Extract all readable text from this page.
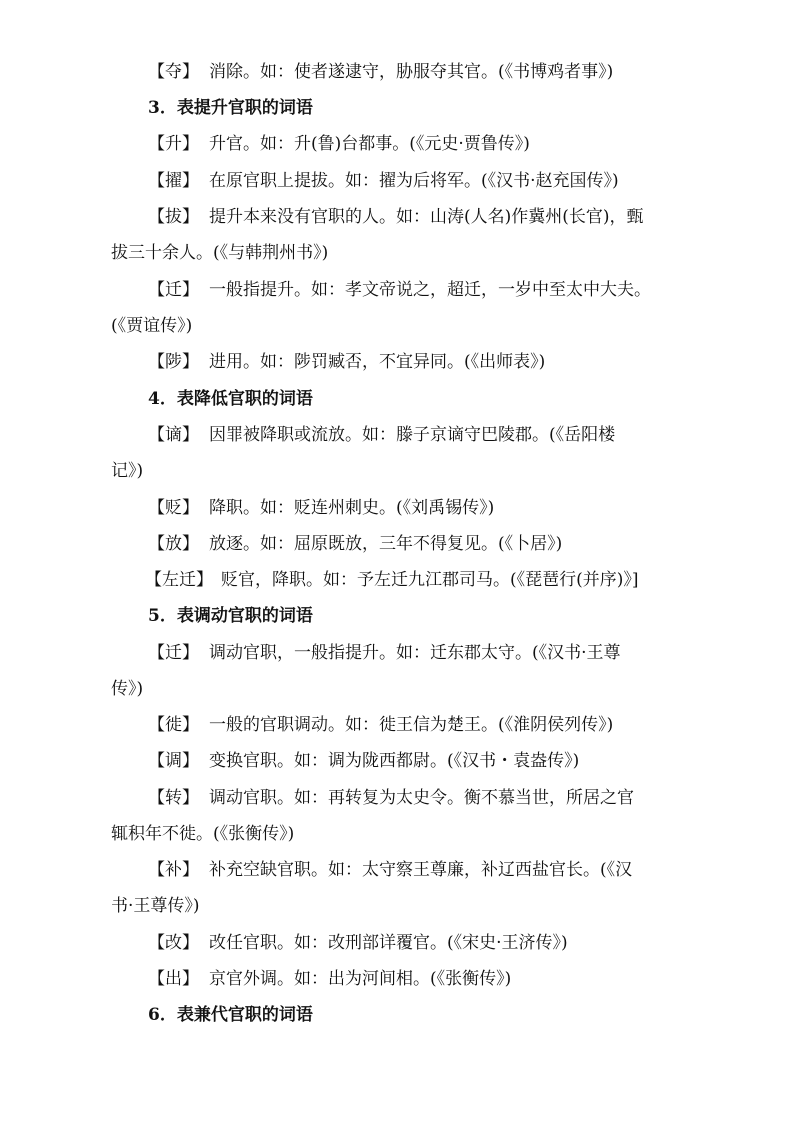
【夺】 消除。如：使者遂逮守，胁服夺其官。(《书博鸡者事》)
3．表提升官职的词语
【升】 升官。如：升(鲁)台都事。(《元史·贾鲁传》)
【擢】 在原官职上提拔。如：擢为后将军。(《汉书·赵充国传》)
【拔】 提升本来没有官职的人。如：山涛(人名)作冀州(长官)，甄
拔三十余人。(《与韩荆州书》)
【迁】 一般指提升。如：孝文帝说之，超迁，一岁中至太中大夫。
(《贾谊传》)
【陟】 进用。如：陟罚臧否，不宜异同。(《出师表》)
4．表降低官职的词语
【谪】 因罪被降职或流放。如：滕子京谪守巴陵郡。(《岳阳楼
记》)
【贬】 降职。如：贬连州刺史。(《刘禹锡传》)
【放】 放逐。如：屈原既放，三年不得复见。(《卜居》)
【左迁】 贬官，降职。如：予左迁九江郡司马。(《琵琶行(并序)》]
5．表调动官职的词语
【迁】 调动官职，一般指提升。如：迁东郡太守。(《汉书·王尊
传》)
【徙】 一般的官职调动。如：徙王信为楚王。(《淮阴侯列传》)
【调】 变换官职。如：调为陇西都尉。(《汉书・袁盎传》)
【转】 调动官职。如：再转复为太史令。衡不慕当世，所居之官
辄积年不徙。(《张衡传》)
【补】 补充空缺官职。如：太守察王尊廉，补辽西盐官长。(《汉
书·王尊传》)
【改】 改任官职。如：改刑部详覆官。(《宋史·王济传》)
【出】 京官外调。如：出为河间相。(《张衡传》)
6．表兼代官职的词语
